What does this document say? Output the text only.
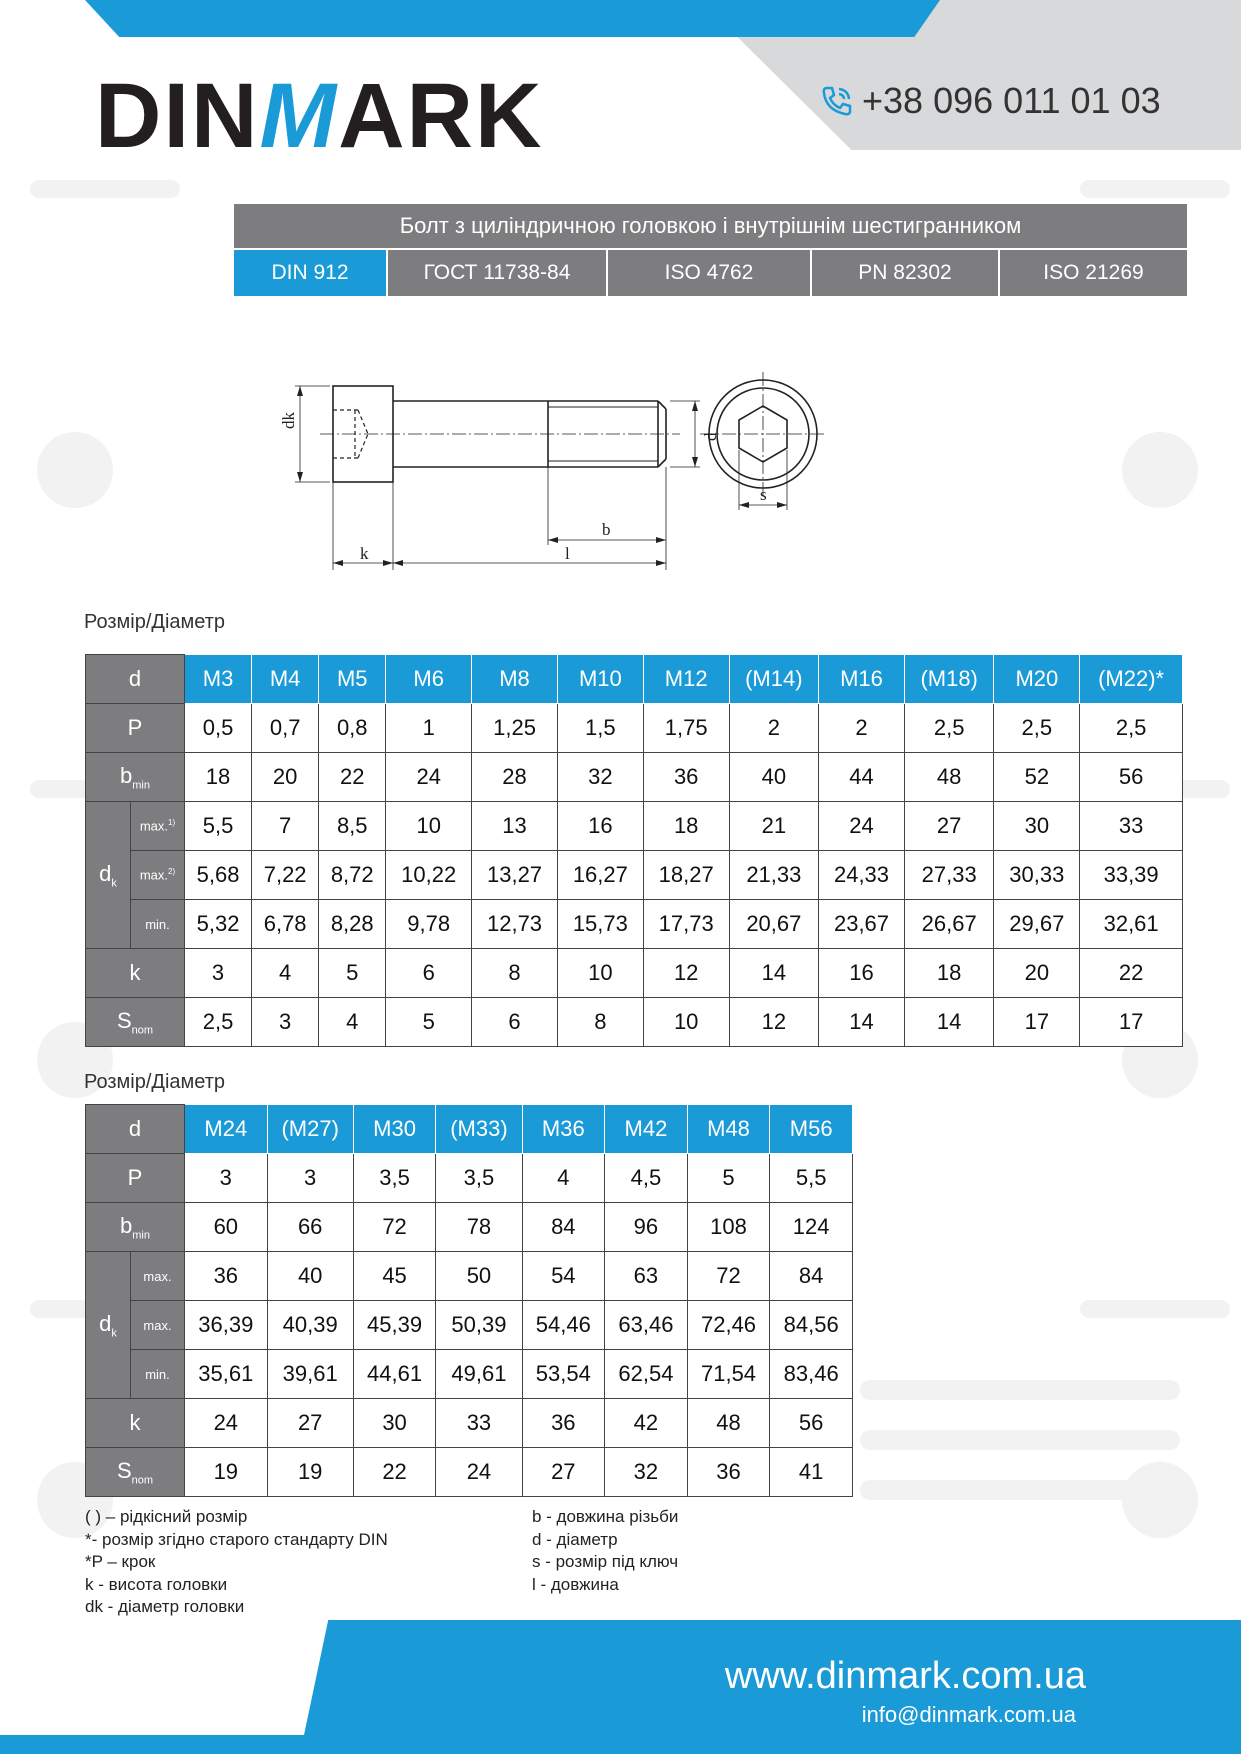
DINMARK	+38 096 011 01 03
Болт з циліндричною головкою і внутрішнім шестигранником
DIN 912	ГОСТ 11738-84	ISO 4762	PN 82302	ISO 21269
dk
d
k
b
l
s
Розмір/Діаметр
d		M3	M4	M5	M6	M8	M10	M12	(M14)	M16	(M18)	M20	(M22)*
P		0,5	0,7	0,8	1	1,25	1,5	1,75	2	2	2,5	2,5	2,5
$b_{min}$		18	20	22	24	28	32	36	40	44	48	52	56
$d_k$	max.$^{1)}$	5,5	7	8,5	10	13	16	18	21	24	27	30	33
	max.$^{2)}$	5,68	7,22	8,72	10,22	13,27	16,27	18,27	21,33	24,33	27,33	30,33	33,39
	min.	5,32	6,78	8,28	9,78	12,73	15,73	17,73	20,67	23,67	26,67	29,67	32,61
k		3	4	5	6	8	10	12	14	16	18	20	22
$S_{nom}$		2,5	3	4	5	6	8	10	12	14	14	17	17
Розмір/Діаметр
d		M24	(M27)	M30	(M33)	M36	M42	M48	M56
P		3	3	3,5	3,5	4	4,5	5	5,5
$b_{min}$		60	66	72	78	84	96	108	124
$d_k$	max.	36	40	45	50	54	63	72	84
	max.	36,39	40,39	45,39	50,39	54,46	63,46	72,46	84,56
	min.	35,61	39,61	44,61	49,61	53,54	62,54	71,54	83,46
k		24	27	30	33	36	42	48	56
$S_{nom}$		19	19	22	24	27	32	36	41
( ) – рідкісний розмір
*- розмір згідно старого стандарту DIN
*P – крок
k - висота головки
dk - діаметр головки
b - довжина різьби
d - діаметр
s - розмір під ключ
l - довжина
www.dinmark.com.ua
info@dinmark.com.ua
